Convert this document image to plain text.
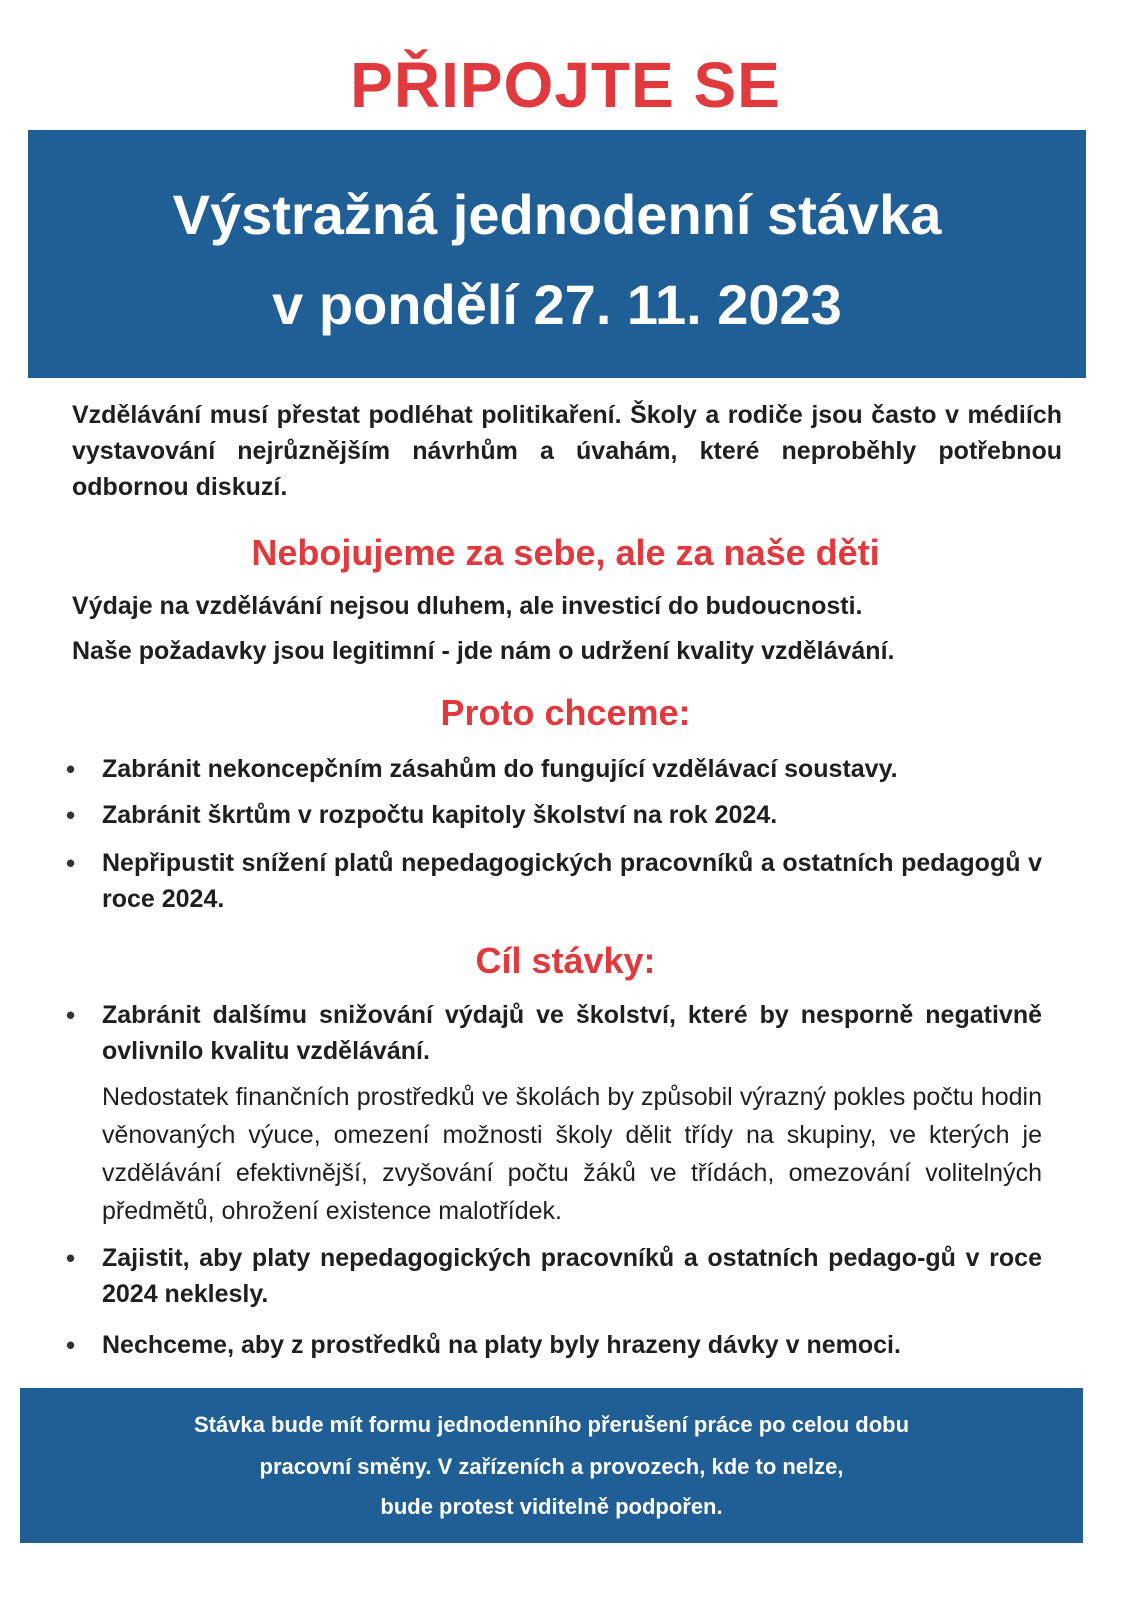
PŘIPOJTE SE
Výstražná jednodenní stávka
v pondělí 27. 11. 2023
Vzdělávání musí přestat podléhat politikaření. Školy a rodiče jsou často v médiích vystavování nejrůznějším návrhům a úvahám, které neproběhly potřebnou odbornou diskuzí.
Nebojujeme za sebe, ale za naše děti
Výdaje na vzdělávání nejsou dluhem, ale investicí do budoucnosti.
Naše požadavky jsou legitimní - jde nám o udržení kvality vzdělávání.
Proto chceme:
• Zabránit nekoncepčním zásahům do fungující vzdělávací soustavy.
• Zabránit škrtům v rozpočtu kapitoly školství na rok 2024.
• Nepřipustit snížení platů nepedagogických pracovníků a ostatních pedagogů v roce 2024.
Cíl stávky:
• Zabránit dalšímu snižování výdajů ve školství, které by nesporně negativně ovlivnilo kvalitu vzdělávání.
Nedostatek finančních prostředků ve školách by způsobil výrazný pokles počtu hodin věnovaných výuce, omezení možnosti školy dělit třídy na skupiny, ve kterých je vzdělávání efektivnější, zvyšování počtu žáků ve třídách, omezování volitelných předmětů, ohrožení existence malotřídek.
• Zajistit, aby platy nepedagogických pracovníků a ostatních pedago-gů v roce 2024 neklesly.
• Nechceme, aby z prostředků na platy byly hrazeny dávky v nemoci.
Stávka bude mít formu jednodenního přerušení práce po celou dobu
pracovní směny. V zařízeních a provozech, kde to nelze,
bude protest viditelně podpořen.
